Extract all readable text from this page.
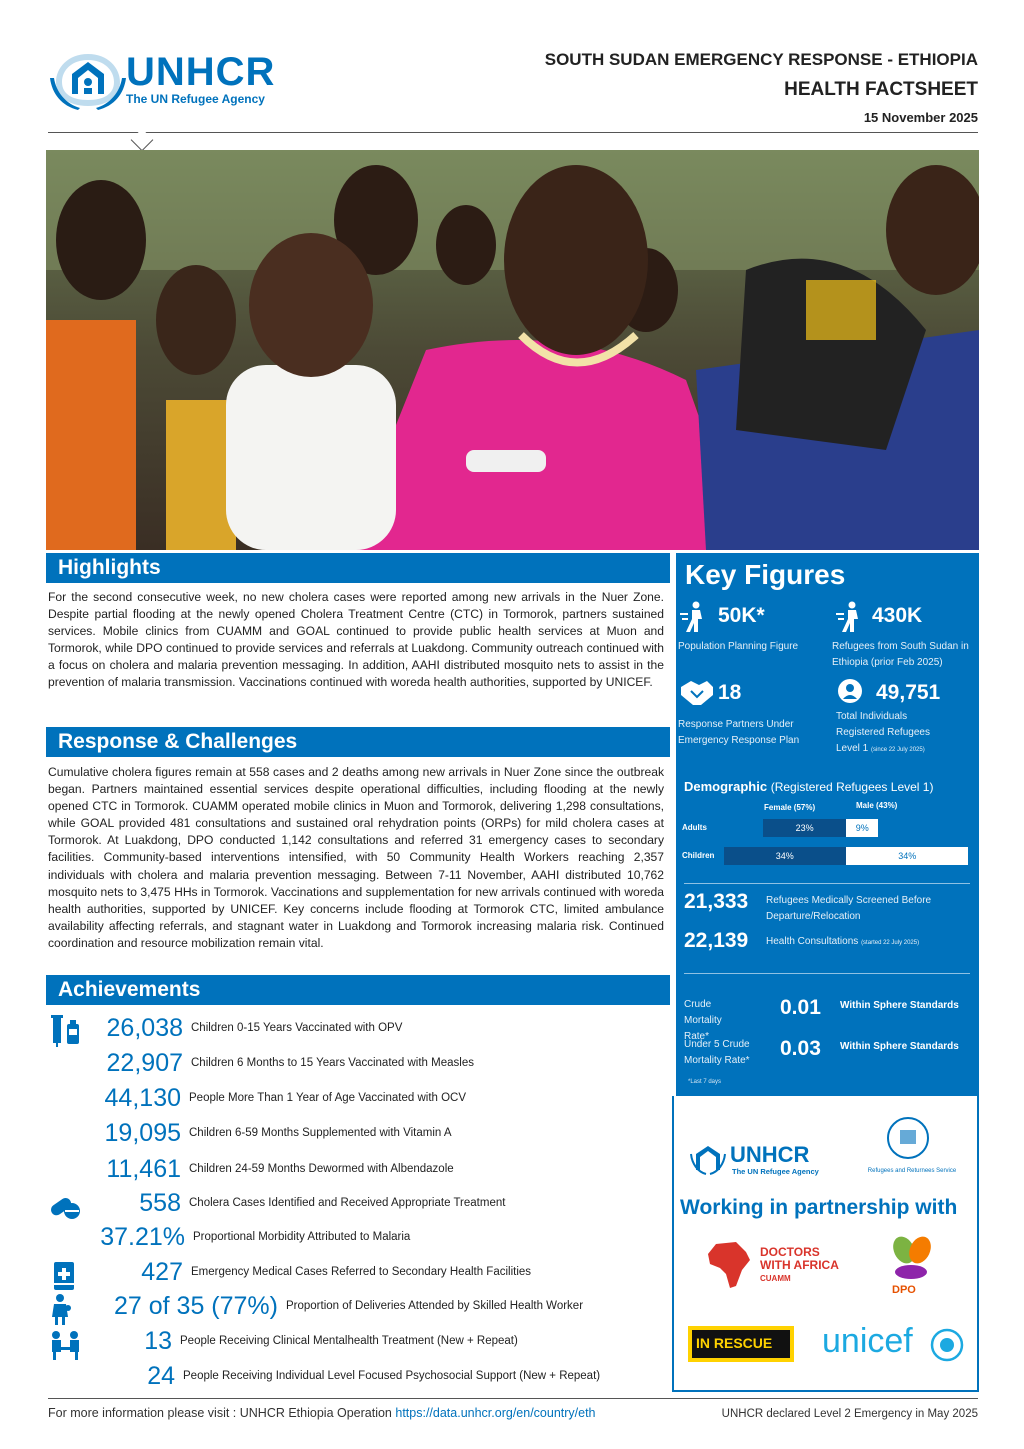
UNHCR
The UN Refugee Agency
SOUTH SUDAN EMERGENCY RESPONSE - ETHIOPIA
HEALTH FACTSHEET
15 November 2025
Highlights
For the second consecutive week, no new cholera cases were reported among new arrivals in the Nuer Zone. Despite partial flooding at the newly opened Cholera Treatment Centre (CTC) in Tormorok, partners sustained services. Mobile clinics from CUAMM and GOAL continued to provide public health services at Muon and Tormorok, while DPO continued to provide services and referrals at Luakdong. Community outreach continued with a focus on cholera and malaria prevention messaging. In addition, AAHI distributed mosquito nets to assist in the prevention of malaria transmission. Vaccinations continued with woreda health authorities, supported by UNICEF.
Response & Challenges
Cumulative cholera figures remain at 558 cases and 2 deaths among new arrivals in Nuer Zone since the outbreak began. Partners maintained essential services despite operational difficulties, including flooding at the newly opened CTC in Tormorok. CUAMM operated mobile clinics in Muon and Tormorok, delivering 1,298 consultations, while GOAL provided 481 consultations and sustained oral rehydration points (ORPs) for mild cholera cases at Tormorok. At Luakdong, DPO conducted 1,142 consultations and referred 31 emergency cases to secondary facilities. Community-based interventions intensified, with 50 Community Health Workers reaching 2,357 individuals with cholera and malaria prevention messaging. Between 7-11 November, AAHI distributed 10,762 mosquito nets to 3,475 HHs in Tormorok. Vaccinations and supplementation for new arrivals continued with woreda health authorities, supported by UNICEF. Key concerns include flooding at Tormorok CTC, limited ambulance availability affecting referrals, and stagnant water in Luakdong and Tormorok increasing malaria risk. Continued coordination and resource mobilization remain vital.
Achievements
26,038 Children 0-15 Years Vaccinated with OPV
22,907 Children 6 Months to 15 Years Vaccinated with Measles
44,130 People More Than 1 Year of Age Vaccinated with OCV
19,095 Children 6-59 Months Supplemented with Vitamin A
11,461 Children 24-59 Months Dewormed with Albendazole
558 Cholera Cases Identified and Received Appropriate Treatment
37.21% Proportional Morbidity Attributed to Malaria
427 Emergency Medical Cases Referred to Secondary Health Facilities
27 of 35 (77%) Proportion of Deliveries Attended by Skilled Health Worker
13 People Receiving Clinical Mentalhealth Treatment (New + Repeat)
24 People Receiving Individual Level Focused Psychosocial Support (New + Repeat)
Key Figures
50K*
Population Planning Figure
430K
Refugees from South Sudan in Ethiopia (prior Feb 2025)
18
Response Partners Under Emergency Response Plan
49,751
Total Individuals Registered Refugees Level 1 (since 22 July 2025)
Demographic (Registered Refugees Level 1)
Female (57%)	Male (43%)
Adults	23%	9%
Children	34%	34%
21,333 Refugees Medically Screened Before Departure/Relocation
22,139 Health Consultations (started 22 July 2025)
Crude Mortality Rate*
0.01 Within Sphere Standards
Under 5 Crude Mortality Rate*
0.03 Within Sphere Standards
*Last 7 days
UNHCR
The UN Refugee Agency	Refugees and Returnees Service
Working in partnership with
DOCTORS
WITH AFRICA
CUAMM
DPO
IN RESCUE unicef
For more information please visit : UNHCR Ethiopia Operation https://data.unhcr.org/en/country/eth	UNHCR declared Level 2 Emergency in May 2025
